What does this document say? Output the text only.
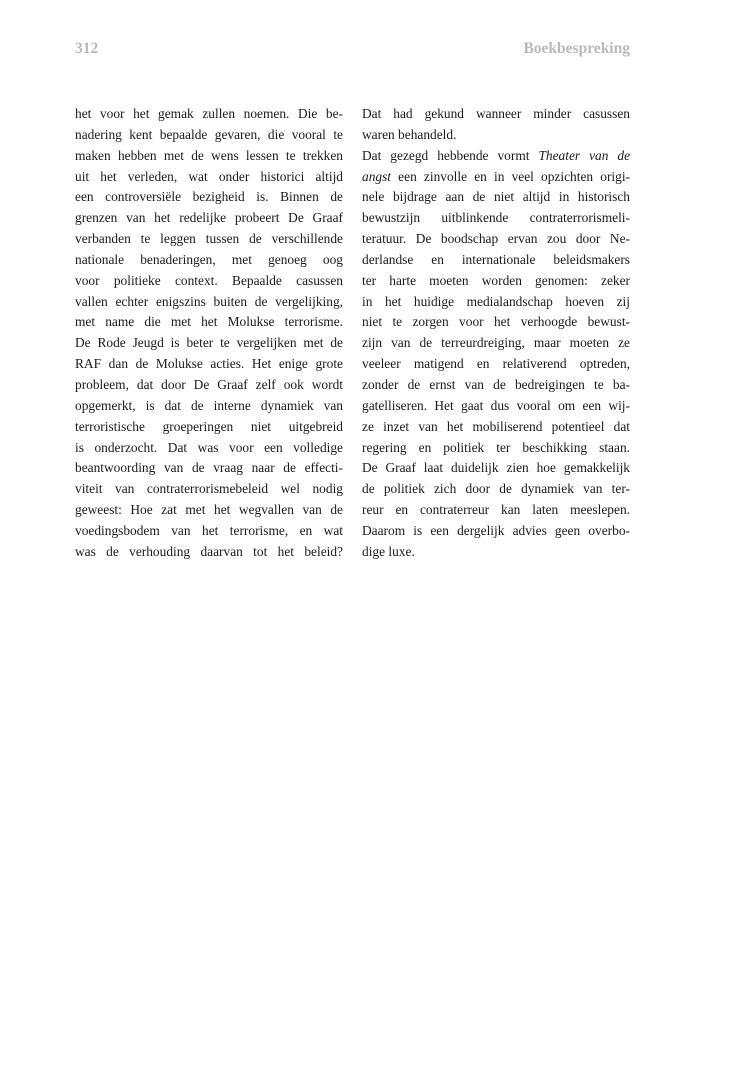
312	Boekbespreking
het voor het gemak zullen noemen. Die be-
nadering kent bepaalde gevaren, die vooral te
maken hebben met de wens lessen te trekken
uit het verleden, wat onder historici altijd
een controversiële bezigheid is. Binnen de
grenzen van het redelijke probeert De Graaf
verbanden te leggen tussen de verschillende
nationale benaderingen, met genoeg oog
voor politieke context. Bepaalde casussen
vallen echter enigszins buiten de vergelijking,
met name die met het Molukse terrorisme.
De Rode Jeugd is beter te vergelijken met de
RAF dan de Molukse acties. Het enige grote
probleem, dat door De Graaf zelf ook wordt
opgemerkt, is dat de interne dynamiek van
terroristische groeperingen niet uitgebreid
is onderzocht. Dat was voor een volledige
beantwoording van de vraag naar de effecti-
viteit van contraterrorismebeleid wel nodig
geweest: Hoe zat met het wegvallen van de
voedingsbodem van het terrorisme, en wat
was de verhouding daarvan tot het beleid?
Dat had gekund wanneer minder casussen
waren behandeld.
Dat gezegd hebbende vormt Theater van de
angst een zinvolle en in veel opzichten origi-
nele bijdrage aan de niet altijd in historisch
bewustzijn uitblinkende contraterrorismeli-
teratuur. De boodschap ervan zou door Ne-
derlandse en internationale beleidsmakers
ter harte moeten worden genomen: zeker
in het huidige medialandschap hoeven zij
niet te zorgen voor het verhoogde bewust-
zijn van de terreurdreiging, maar moeten ze
veeleer matigend en relativerend optreden,
zonder de ernst van de bedreigingen te ba-
gatelliseren. Het gaat dus vooral om een wij-
ze inzet van het mobiliserend potentieel dat
regering en politiek ter beschikking staan.
De Graaf laat duidelijk zien hoe gemakkelijk
de politiek zich door de dynamiek van ter-
reur en contraterreur kan laten meeslepen.
Daarom is een dergelijk advies geen overbo-
dige luxe.
